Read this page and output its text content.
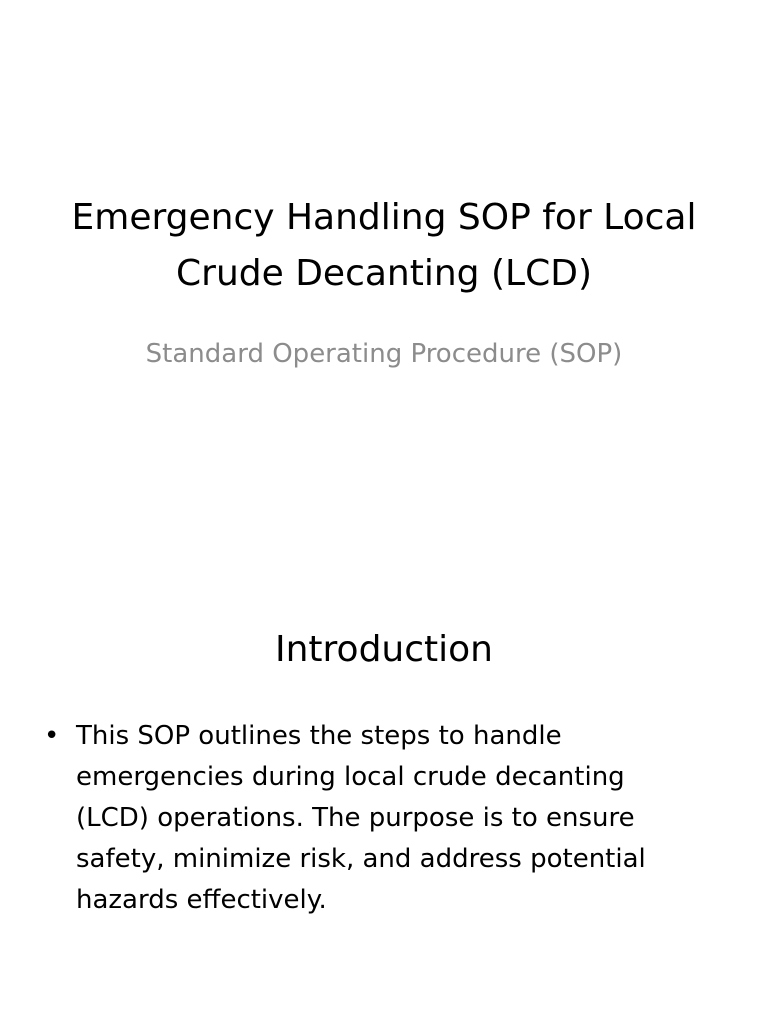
Emergency Handling SOP for Local Crude Decanting (LCD)

Standard Operating Procedure (SOP)

Introduction
• This SOP outlines the steps to handle emergencies during local crude decanting (LCD) operations. The purpose is to ensure safety, minimize risk, and address potential hazards effectively.
